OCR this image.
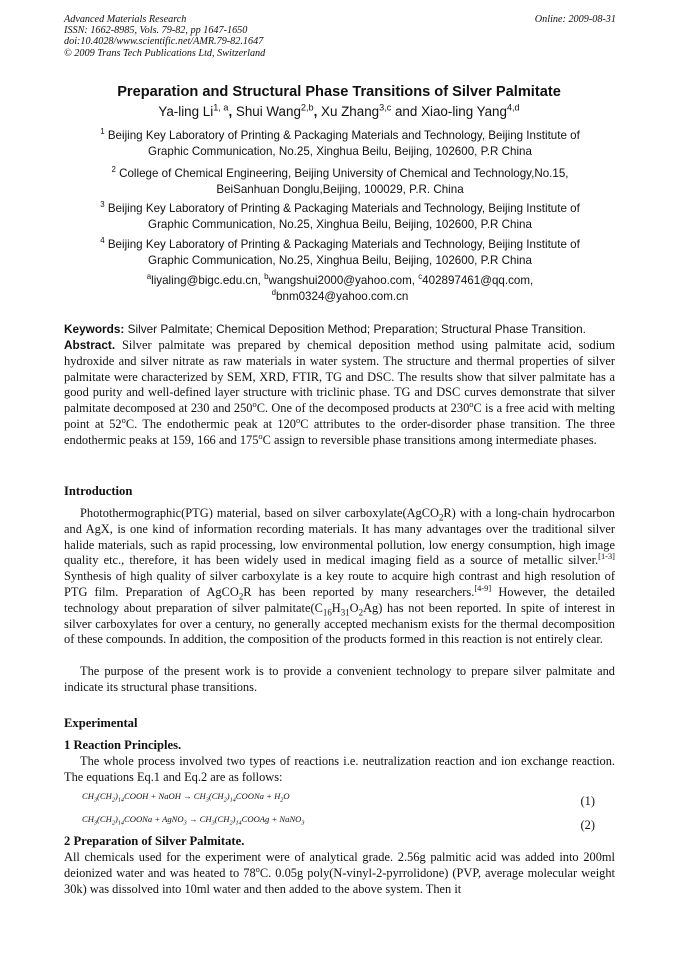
Advanced Materials Research	Online: 2009-08-31
ISSN: 1662-8985, Vols. 79-82, pp 1647-1650
doi:10.4028/www.scientific.net/AMR.79-82.1647
© 2009 Trans Tech Publications Ltd, Switzerland
Preparation and Structural Phase Transitions of Silver Palmitate
Ya-ling Li$^{1, a}$, Shui Wang$^{2,b}$, Xu Zhang$^{3,c}$ and Xiao-ling Yang$^{4,d}$
$^1$ Beijing Key Laboratory of Printing & Packaging Materials and Technology, Beijing Institute of
Graphic Communication, No.25, Xinghua Beilu, Beijing, 102600, P.R China
$^2$ College of Chemical Engineering, Beijing University of Chemical and Technology,No.15,
BeiSanhuan Donglu,Beijing, 100029, P.R. China
$^3$ Beijing Key Laboratory of Printing & Packaging Materials and Technology, Beijing Institute of
Graphic Communication, No.25, Xinghua Beilu, Beijing, 102600, P.R China
$^4$ Beijing Key Laboratory of Printing & Packaging Materials and Technology, Beijing Institute of
Graphic Communication, No.25, Xinghua Beilu, Beijing, 102600, P.R China
$^a$liyaling@bigc.edu.cn, $^b$wangshui2000@yahoo.com, $^c$402897461@qq.com,
$^d$bnm0324@yahoo.com.cn
Keywords: Silver Palmitate; Chemical Deposition Method; Preparation; Structural Phase Transition.
Abstract. Silver palmitate was prepared by chemical deposition method using palmitate acid, sodium hydroxide and silver nitrate as raw materials in water system. The structure and thermal properties of silver palmitate were characterized by SEM, XRD, FTIR, TG and DSC. The results show that silver palmitate has a good purity and well-defined layer structure with triclinic phase. TG and DSC curves demonstrate that silver palmitate decomposed at 230 and 250$^o$C. One of the decomposed products at 230$^o$C is a free acid with melting point at 52$^o$C. The endothermic peak at 120$^o$C attributes to the order-disorder phase transition. The three endothermic peaks at 159, 166 and 175$^o$C assign to reversible phase transitions among intermediate phases.
Introduction
Photothermographic(PTG) material, based on silver carboxylate(AgCO$_2$R) with a long-chain hydrocarbon and AgX, is one kind of information recording materials. It has many advantages over the traditional silver halide materials, such as rapid processing, low environmental pollution, low energy consumption, high image quality etc., therefore, it has been widely used in medical imaging field as a source of metallic silver.[1-3] Synthesis of high quality of silver carboxylate is a key route to acquire high contrast and high resolution of PTG film. Preparation of AgCO$_2$R has been reported by many researchers.[4-9] However, the detailed technology about preparation of silver $palmitate(C_{16}H_{31}O_2Ag)$ has not been reported. In spite of interest in silver carboxylates for over a century, no generally accepted mechanism exists for the thermal decomposition of these compounds. In addition, the composition of the products formed in this reaction is not entirely clear.
The purpose of the present work is to provide a convenient technology to prepare silver palmitate and indicate its structural phase transitions.
Experimental
1 Reaction Principles.
The whole process involved two types of reactions i.e. neutralization reaction and ion exchange reaction. The equations Eq.1 and Eq.2 are as follows:
$CH_3(CH_2)_{14}COOH$ + NaOH → $CH_3(CH_2)_{14}COONa + H_2O$	(1)
$CH_3(CH_2)_{14}COONa$ + AgNO$_3$ → $CH_3(CH_2)_{14}COOAg$ + NaNO$_3$	(2)
2 Preparation of Silver Palmitate.
All chemicals used for the experiment were of analytical grade. 2.56g palmitic acid was added into 200ml deionized water and was heated to 78$^o$C. 0.05g poly(N-vinyl-2-pyrrolidone) (PVP, average molecular weight 30k) was dissolved into 10ml water and then added to the above system. Then it
